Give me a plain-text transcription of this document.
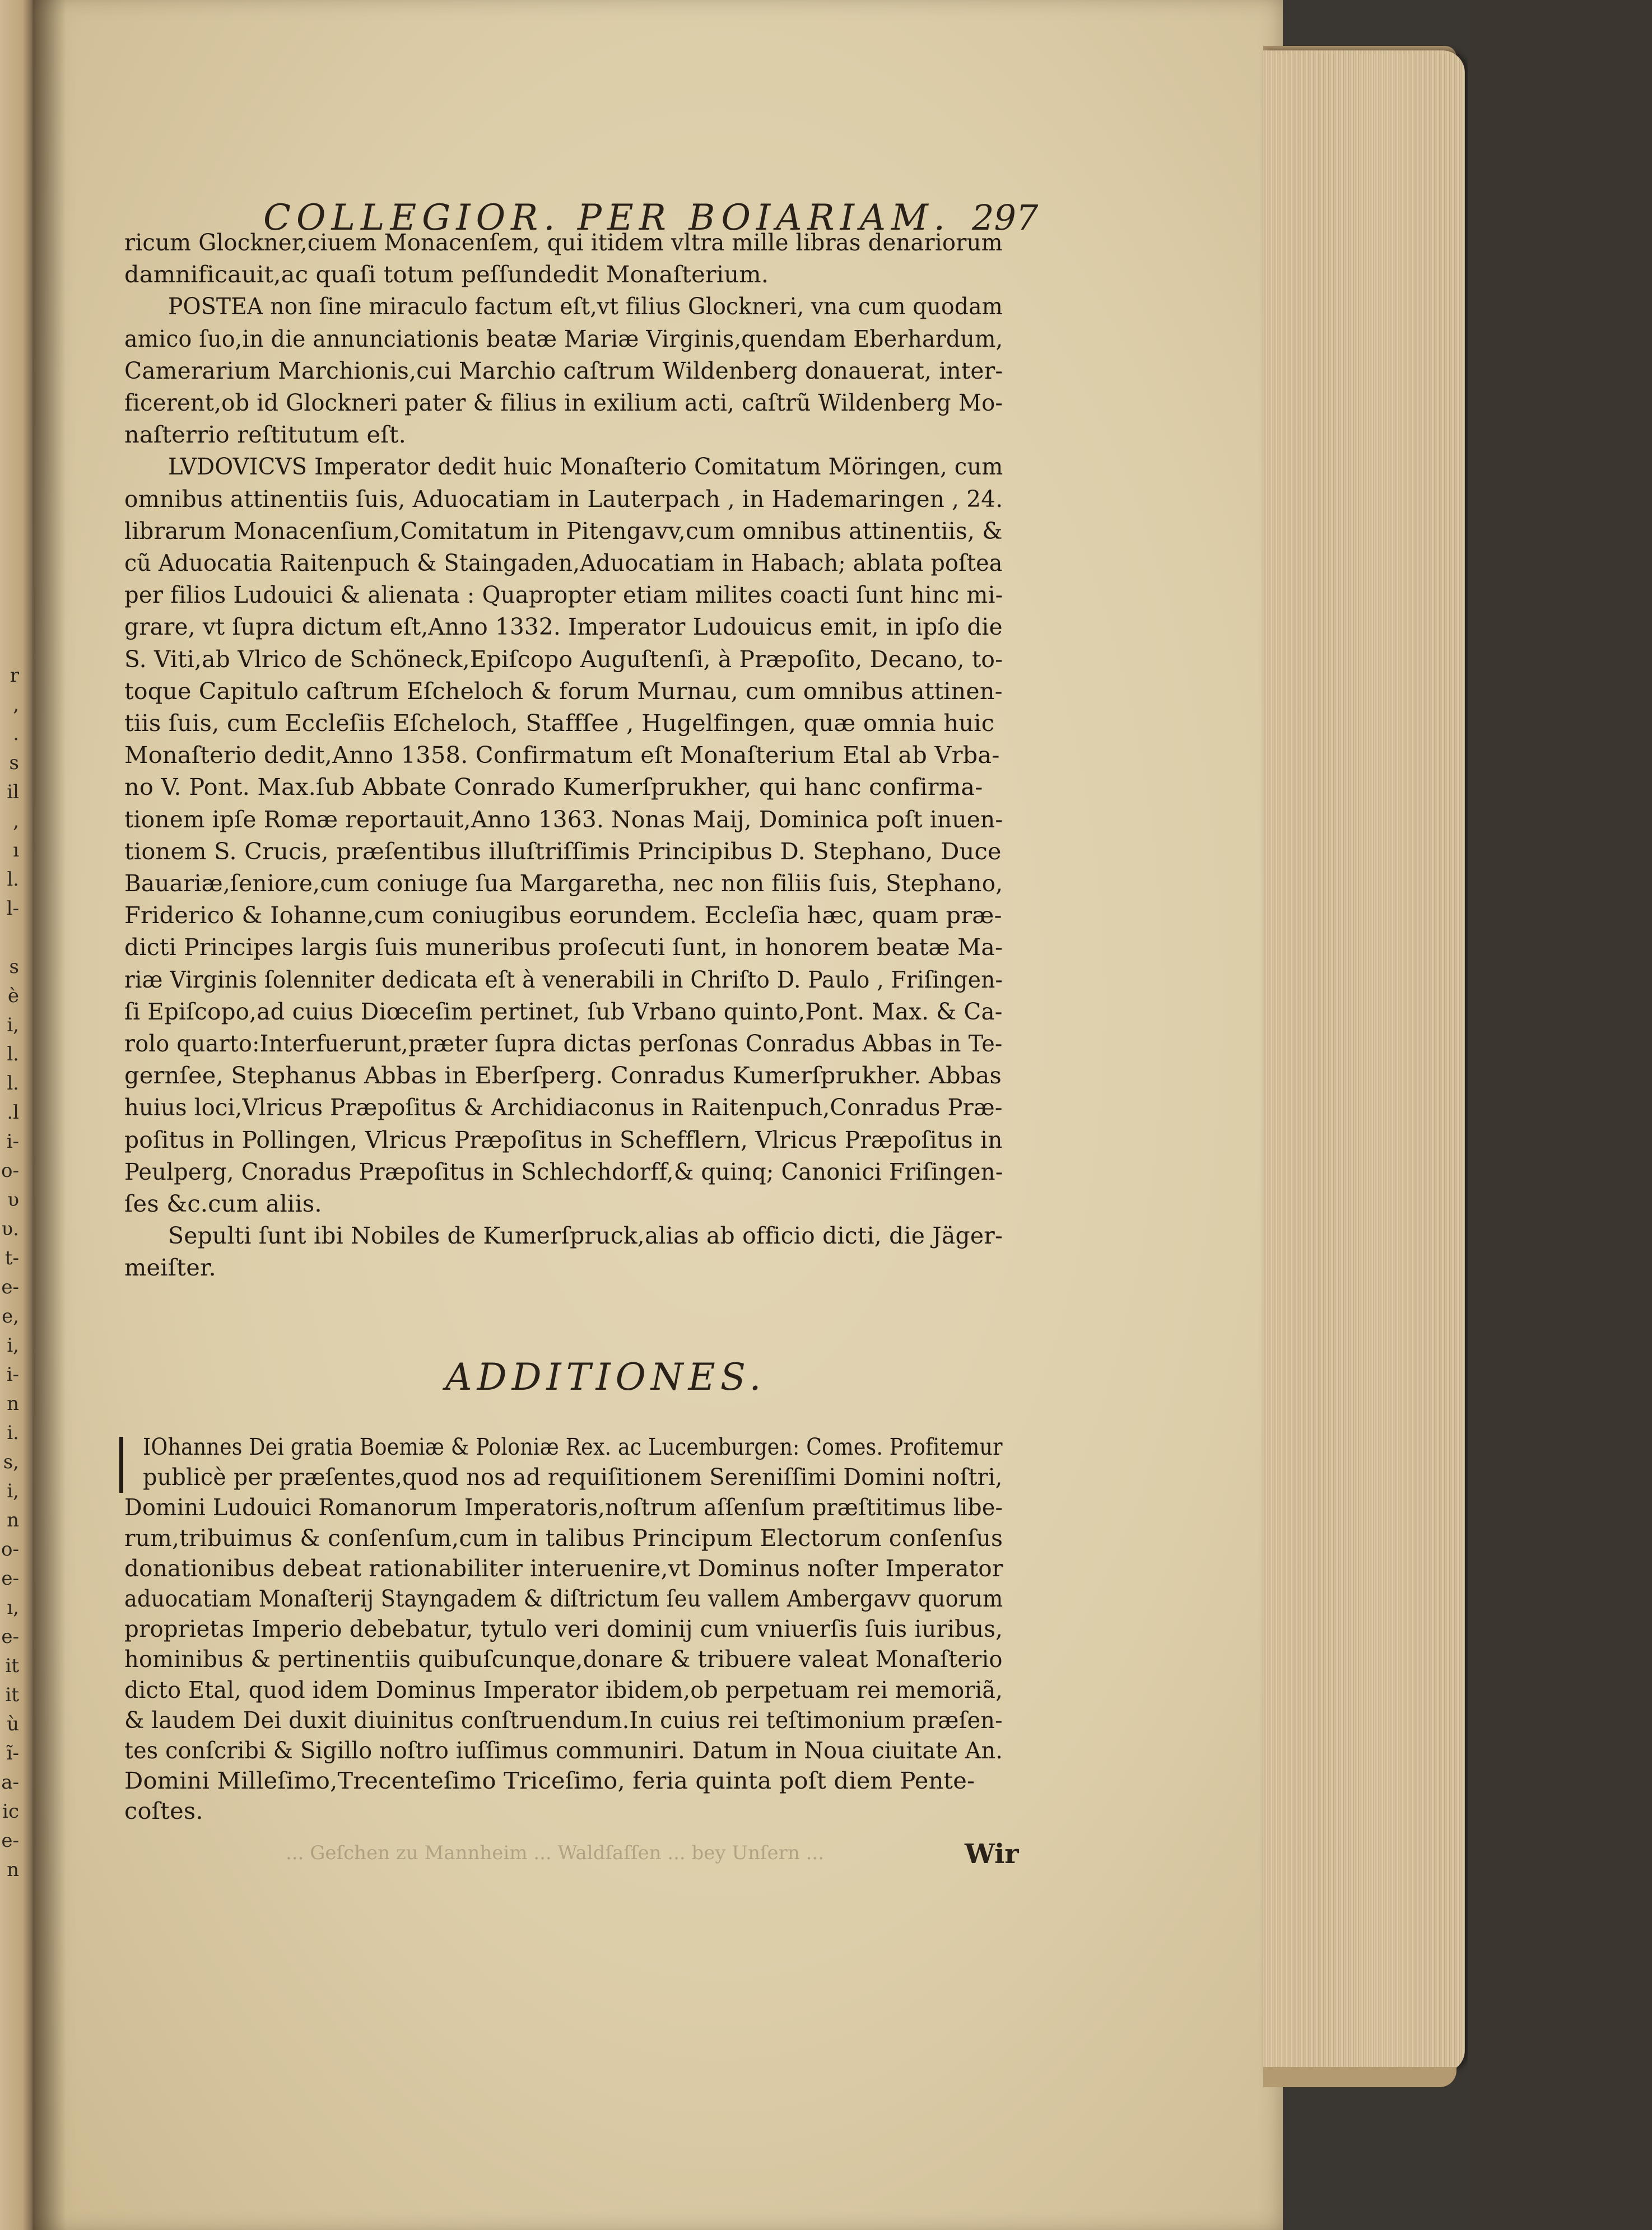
r
,
.
s
il
,
ı
l.
l-
s
è
i,
l.
l.
.l
i-
o-
υ
υ.
t-
e-
e,
i,
i-
n
i.
s,
i,
n
o-
e-
ı,
e-
it
it
ù
ĩ-
a-
ic
e-
n
COLLEGIOR. PER BOIARIAM. 297
ricum Glockner,ciuem Monacenſem, qui itidem vltra mille libras denariorum
damnificauit,ac quaſi totum peſſundedit Monaſterium.
POSTEA non ſine miraculo factum eſt,vt filius Glockneri, vna cum quodam
amico ſuo,in die annunciationis beatæ Mariæ Virginis,quendam Eberhardum,
Camerarium Marchionis,cui Marchio caſtrum Wildenberg donauerat, inter-
ficerent,ob id Glockneri pater & filius in exilium acti, caſtrũ Wildenberg Mo-
naſterrio reſtitutum eſt.
LVDOVICVS Imperator dedit huic Monaſterio Comitatum Möringen, cum
omnibus attinentiis ſuis, Aduocatiam in Lauterpach , in Hademaringen , 24.
librarum Monacenſium,Comitatum in Pitengavv,cum omnibus attinentiis, &
cũ Aduocatia Raitenpuch & Staingaden,Aduocatiam in Habach; ablata poſtea
per filios Ludouici & alienata : Quapropter etiam milites coacti ſunt hinc mi-
grare, vt ſupra dictum eſt,Anno 1332. Imperator Ludouicus emit, in ipſo die
S. Viti,ab Vlrico de Schöneck,Epiſcopo Auguſtenſi, à Præpoſito, Decano, to-
toque Capitulo caſtrum Eſcheloch & forum Murnau, cum omnibus attinen-
tiis ſuis, cum Eccleſiis Eſcheloch, Staffſee , Hugelfingen, quæ omnia huic
Monaſterio dedit,Anno 1358. Confirmatum eſt Monaſterium Etal ab Vrba-
no V. Pont. Max.ſub Abbate Conrado Kumerſprukher, qui hanc confirma-
tionem ipſe Romæ reportauit,Anno 1363. Nonas Maij, Dominica poſt inuen-
tionem S. Crucis, præſentibus illuſtriſſimis Principibus D. Stephano, Duce
Bauariæ,ſeniore,cum coniuge ſua Margaretha, nec non filiis ſuis, Stephano,
Friderico & Iohanne,cum coniugibus eorundem. Eccleſia hæc, quam præ-
dicti Principes largis ſuis muneribus proſecuti ſunt, in honorem beatæ Ma-
riæ Virginis ſolenniter dedicata eſt à venerabili in Chriſto D. Paulo , Friſingen-
ſi Epiſcopo,ad cuius Diœceſim pertinet, ſub Vrbano quinto,Pont. Max. & Ca-
rolo quarto:Interfuerunt,præter ſupra dictas perſonas Conradus Abbas in Te-
gernſee, Stephanus Abbas in Eberſperg. Conradus Kumerſprukher. Abbas
huius loci,Vlricus Præpoſitus & Archidiaconus in Raitenpuch,Conradus Præ-
poſitus in Pollingen, Vlricus Præpoſitus in Schefflern, Vlricus Præpoſitus in
Peulperg, Cnoradus Præpoſitus in Schlechdorff,& quinq; Canonici Friſingen-
ſes &c.cum aliis.
Sepulti ſunt ibi Nobiles de Kumerſpruck,alias ab officio dicti, die Jäger-
meiſter.
ADDITIONES.
IOhannes Dei gratia Boemiæ & Poloniæ Rex. ac Lucemburgen: Comes. Profitemur
publicè per præſentes,quod nos ad requiſitionem Sereniſſimi Domini noſtri,
Domini Ludouici Romanorum Imperatoris,noſtrum aſſenſum præſtitimus libe-
rum,tribuimus & conſenſum,cum in talibus Principum Electorum conſenſus
donationibus debeat rationabiliter interuenire,vt Dominus noſter Imperator
aduocatiam Monaſterij Stayngadem & diſtrictum ſeu vallem Ambergavv quorum
proprietas Imperio debebatur, tytulo veri dominij cum vniuerſis ſuis iuribus,
hominibus & pertinentiis quibuſcunque,donare & tribuere valeat Monaſterio
dicto Etal, quod idem Dominus Imperator ibidem,ob perpetuam rei memoriã,
& laudem Dei duxit diuinitus conſtruendum.In cuius rei teſtimonium præſen-
tes conſcribi & Sigillo noſtro iuſſimus communiri. Datum in Noua ciuitate An.
Domini Milleſimo,Trecenteſimo Triceſimo, feria quinta poſt diem Pente-
coſtes.
... Geſchen zu Mannheim ... Waldſaſſen ... bey Unſern ...	Wir
